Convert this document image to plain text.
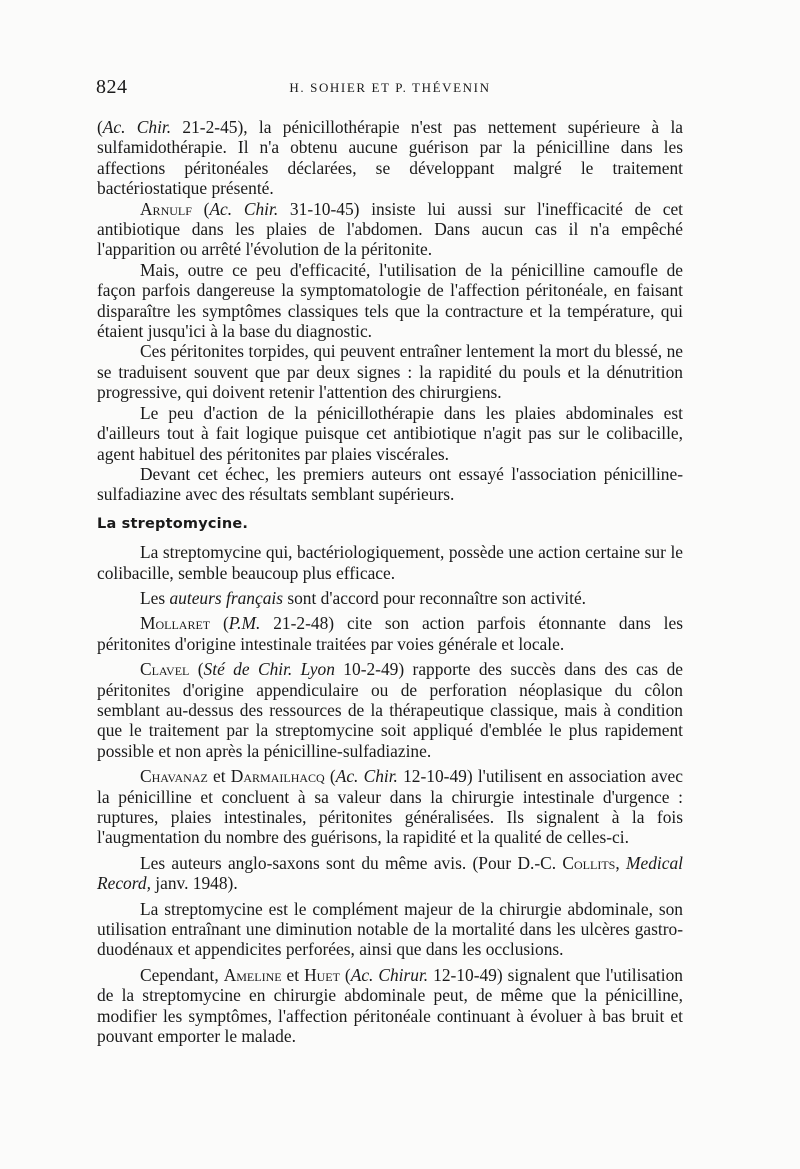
824	H. SOHIER ET P. THÉVENIN

(Ac. Chir. 21-2-45), la pénicillothérapie n'est pas nettement supérieure à la sulfamidothérapie. Il n'a obtenu aucune guérison par la pénicilline dans les affections péritonéales déclarées, se développant malgré le traitement bactériostatique présenté.

Arnulf (Ac. Chir. 31-10-45) insiste lui aussi sur l'inefficacité de cet antibiotique dans les plaies de l'abdomen. Dans aucun cas il n'a empêché l'apparition ou arrêté l'évolution de la péritonite.

Mais, outre ce peu d'efficacité, l'utilisation de la pénicilline camoufle de façon parfois dangereuse la symptomatologie de l'affection péritonéale, en faisant disparaître les symptômes classiques tels que la contracture et la température, qui étaient jusqu'ici à la base du diagnostic.

Ces péritonites torpides, qui peuvent entraîner lentement la mort du blessé, ne se traduisent souvent que par deux signes : la rapidité du pouls et la dénutrition progressive, qui doivent retenir l'attention des chirurgiens.

Le peu d'action de la pénicillothérapie dans les plaies abdominales est d'ailleurs tout à fait logique puisque cet antibiotique n'agit pas sur le colibacille, agent habituel des péritonites par plaies viscérales.

Devant cet échec, les premiers auteurs ont essayé l'association pénicilline-sulfadiazine avec des résultats semblant supérieurs.

La streptomycine.

La streptomycine qui, bactériologiquement, possède une action certaine sur le colibacille, semble beaucoup plus efficace.

Les auteurs français sont d'accord pour reconnaître son activité.

Mollaret (P.M. 21-2-48) cite son action parfois étonnante dans les péritonites d'origine intestinale traitées par voies générale et locale.

Clavel (Sté de Chir. Lyon 10-2-49) rapporte des succès dans des cas de péritonites d'origine appendiculaire ou de perforation néoplasique du côlon semblant au-dessus des ressources de la thérapeutique classique, mais à condition que le traitement par la streptomycine soit appliqué d'emblée le plus rapidement possible et non après la pénicilline-sulfadiazine.

Chavanaz et Darmailhacq (Ac. Chir. 12-10-49) l'utilisent en association avec la pénicilline et concluent à sa valeur dans la chirurgie intestinale d'urgence : ruptures, plaies intestinales, péritonites généralisées. Ils signalent à la fois l'augmentation du nombre des guérisons, la rapidité et la qualité de celles-ci.

Les auteurs anglo-saxons sont du même avis. (Pour D.-C. Collits, Medical Record, janv. 1948).

La streptomycine est le complément majeur de la chirurgie abdominale, son utilisation entraînant une diminution notable de la mortalité dans les ulcères gastro-duodénaux et appendicites perforées, ainsi que dans les occlusions.

Cependant, Ameline et Huet (Ac. Chirur. 12-10-49) signalent que l'utilisation de la streptomycine en chirurgie abdominale peut, de même que la pénicilline, modifier les symptômes, l'affection péritonéale continuant à évoluer à bas bruit et pouvant emporter le malade.
